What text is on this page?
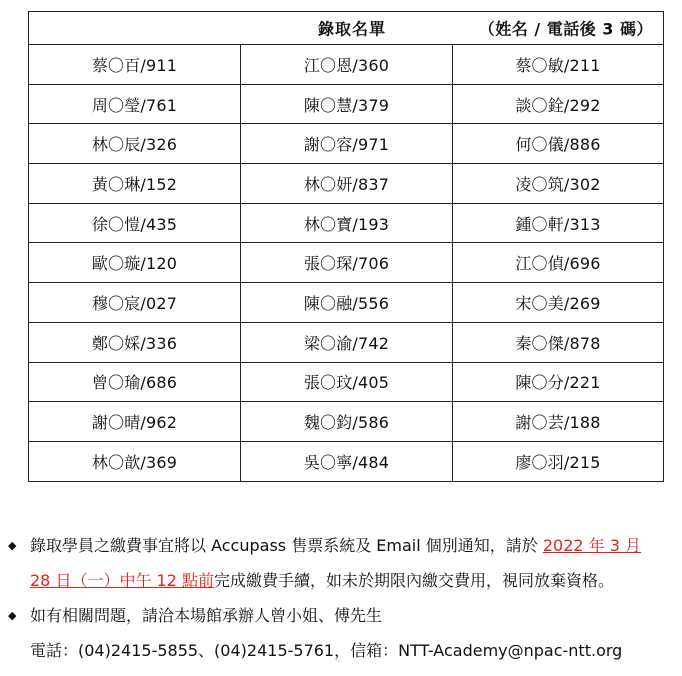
錄取名單 （姓名 / 電話後 3 碼）		

蔡〇百/911	江〇恩/360	蔡〇敏/211
周〇瑩/761	陳〇慧/379	談〇銓/292
林〇辰/326	謝〇容/971	何〇儀/886
黃〇琳/152	林〇妍/837	凌〇筑/302
徐〇愷/435	林〇寶/193	鍾〇軒/313
歐〇璇/120	張〇琛/706	江〇偵/696
穆〇宸/027	陳〇融/556	宋〇美/269
鄭〇婇/336	梁〇渝/742	秦〇傑/878
曾〇瑜/686	張〇玟/405	陳〇分/221
謝〇晴/962	魏〇鈞/586	謝〇芸/188
林〇歆/369	吳〇寧/484	廖〇羽/215
◆ 錄取學員之繳費事宜將以 Accupass 售票系統及 Email 個別通知，請於 2022 年 3 月
28 日（一）中午 12 點前完成繳費手續，如未於期限內繳交費用，視同放棄資格。
◆ 如有相關問題，請洽本場館承辦人曾小姐、傅先生
電話：(04)2415-5855、(04)2415-5761，信箱：NTT-Academy@npac-ntt.org
